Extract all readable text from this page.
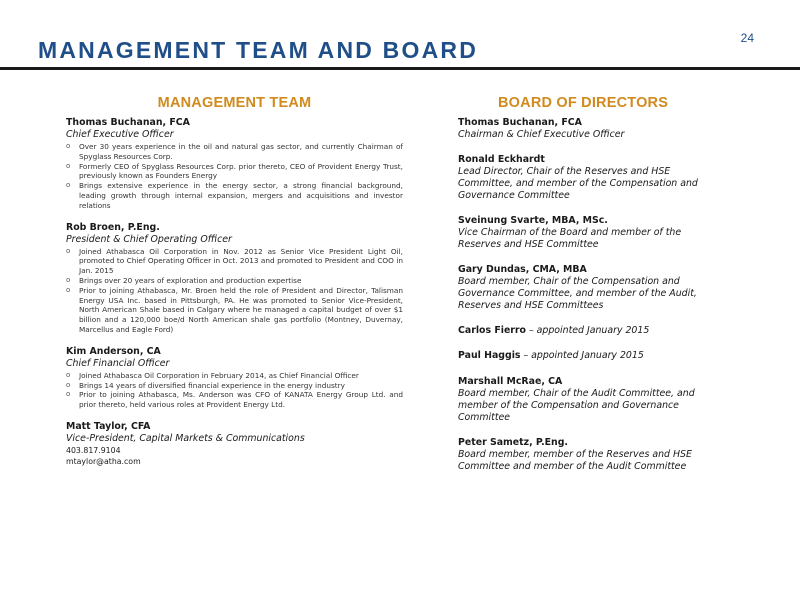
24
MANAGEMENT TEAM AND BOARD
MANAGEMENT TEAM
Thomas Buchanan, FCA
Chief Executive Officer
o Over 30 years experience in the oil and natural gas sector, and currently Chairman of Spyglass Resources Corp.
o Formerly CEO of Spyglass Resources Corp. prior thereto, CEO of Provident Energy Trust, previously known as Founders Energy
o Brings extensive experience in the energy sector, a strong financial background, leading growth through internal expansion, mergers and acquisitions and investor relations
Rob Broen, P.Eng.
President & Chief Operating Officer
o Joined Athabasca Oil Corporation in Nov. 2012 as Senior Vice President Light Oil, promoted to Chief Operating Officer in Oct. 2013 and promoted to President and COO in Jan. 2015
o Brings over 20 years of exploration and production expertise
o Prior to joining Athabasca, Mr. Broen held the role of President and Director, Talisman Energy USA Inc. based in Pittsburgh, PA. He was promoted to Senior Vice-President, North American Shale based in Calgary where he managed a capital budget of over $1 billion and a 120,000 boe/d North American shale gas portfolio (Montney, Duvernay, Marcellus and Eagle Ford)
Kim Anderson, CA
Chief Financial Officer
o Joined Athabasca Oil Corporation in February 2014, as Chief Financial Officer
o Brings 14 years of diversified financial experience in the energy industry
o Prior to joining Athabasca, Ms. Anderson was CFO of KANATA Energy Group Ltd. and prior thereto, held various roles at Provident Energy Ltd.
Matt Taylor, CFA
Vice-President, Capital Markets & Communications
403.817.9104
mtaylor@atha.com
BOARD OF DIRECTORS
Thomas Buchanan, FCA
Chairman & Chief Executive Officer
Ronald Eckhardt
Lead Director, Chair of the Reserves and HSE Committee, and member of the Compensation and Governance Committee
Sveinung Svarte, MBA, MSc.
Vice Chairman of the Board and member of the Reserves and HSE Committee
Gary Dundas, CMA, MBA
Board member, Chair of the Compensation and Governance Committee, and member of the Audit, Reserves and HSE Committees
Carlos Fierro – appointed January 2015
Paul Haggis – appointed January 2015
Marshall McRae, CA
Board member, Chair of the Audit Committee, and member of the Compensation and Governance Committee
Peter Sametz, P.Eng.
Board member, member of the Reserves and HSE Committee and member of the Audit Committee
